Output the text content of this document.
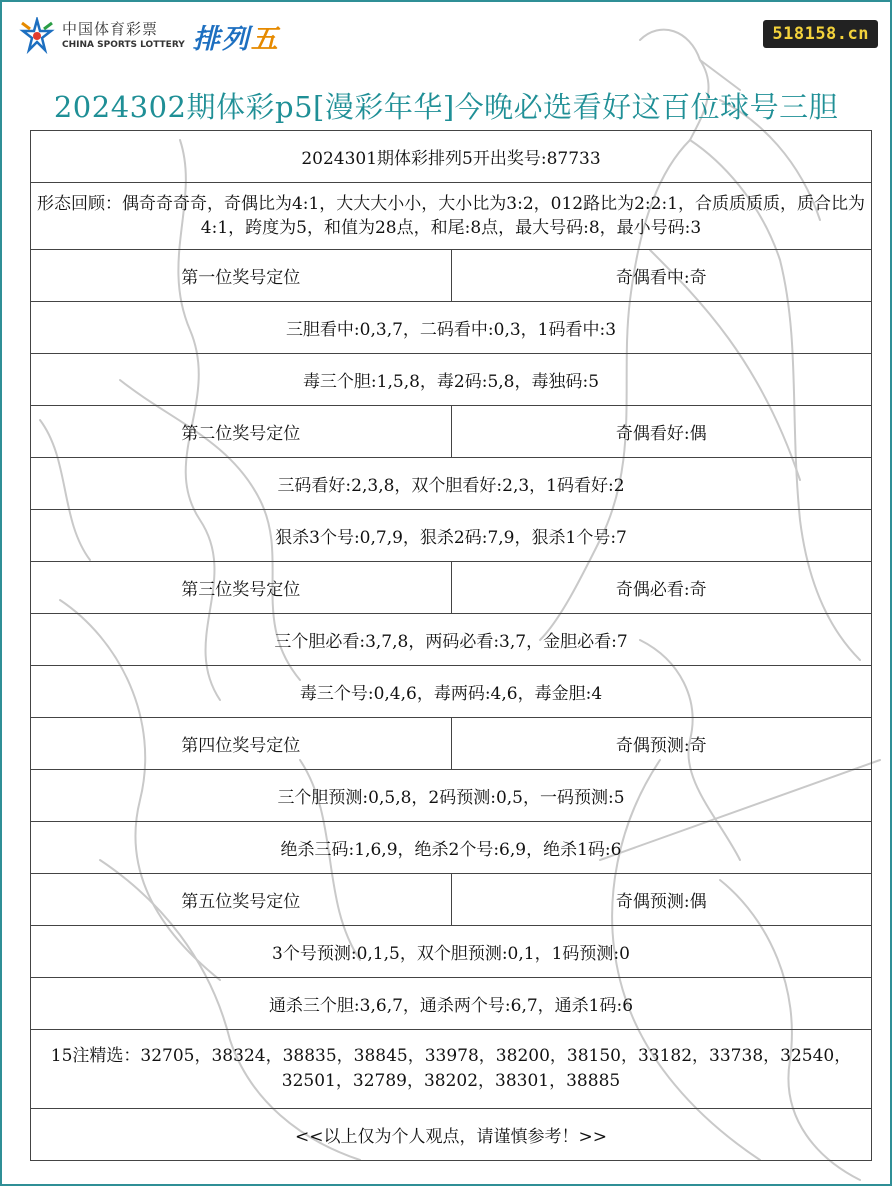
中国体育彩票
CHINA SPORTS LOTTERY 排列五	518158.cn
2024302期体彩p5[漫彩年华]今晚必选看好这百位球号三胆
2024301期体彩排列5开出奖号:87733	
形态回顾：偶奇奇奇奇，奇偶比为4:1，大大大小小，大小比为3:2，012路比为2:2:1，合质质质质，质合比为4:1，跨度为5，和值为28点，和尾:8点，最大号码:8，最小号码:3	
第一位奖号定位	奇偶看中:奇
三胆看中:0,3,7，二码看中:0,3，1码看中:3	
毒三个胆:1,5,8，毒2码:5,8，毒独码:5	
第二位奖号定位	奇偶看好:偶
三码看好:2,3,8，双个胆看好:2,3，1码看好:2	
狠杀3个号:0,7,9，狠杀2码:7,9，狠杀1个号:7	
第三位奖号定位	奇偶必看:奇
三个胆必看:3,7,8，两码必看:3,7，金胆必看:7	
毒三个号:0,4,6，毒两码:4,6，毒金胆:4	
第四位奖号定位	奇偶预测:奇
三个胆预测:0,5,8，2码预测:0,5，一码预测:5	
绝杀三码:1,6,9，绝杀2个号:6,9，绝杀1码:6	
第五位奖号定位	奇偶预测:偶
3个号预测:0,1,5，双个胆预测:0,1，1码预测:0	
通杀三个胆:3,6,7，通杀两个号:6,7，通杀1码:6	
15注精选：32705，38324，38835，38845，33978，38200，38150，33182，33738，32540，32501，32789，38202，38301，38885	
<<以上仅为个人观点，请谨慎参考！>>	
